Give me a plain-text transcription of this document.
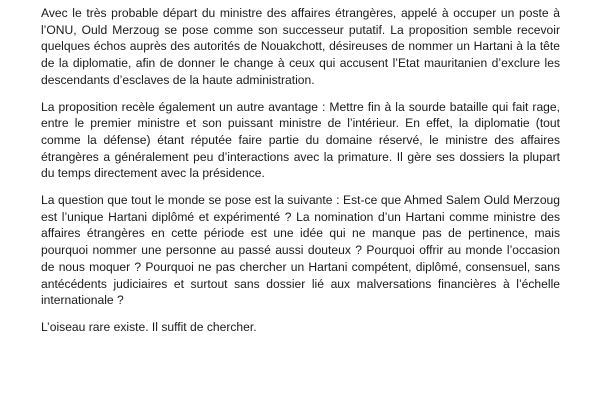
Avec le très probable départ du ministre des affaires étrangères, appelé à occuper un poste à l’ONU, Ould Merzoug se pose comme son successeur putatif. La proposition semble recevoir quelques échos auprès des autorités de Nouakchott, désireuses de nommer un Hartani à la tête de la diplomatie, afin de donner le change à ceux qui accusent l’Etat mauritanien d’exclure les descendants d’esclaves de la haute administration.

La proposition recèle également un autre avantage : Mettre fin à la sourde bataille qui fait rage, entre le premier ministre et son puissant ministre de l’intérieur. En effet, la diplomatie (tout comme la défense) étant réputée faire partie du domaine réservé, le ministre des affaires étrangères a généralement peu d’interactions avec la primature. Il gère ses dossiers la plupart du temps directement avec la présidence.

La question que tout le monde se pose est la suivante : Est-ce que Ahmed Salem Ould Merzoug est l’unique Hartani diplômé et expérimenté ? La nomination d’un Hartani comme ministre des affaires étrangères en cette période est une idée qui ne manque pas de pertinence, mais pourquoi nommer une personne au passé aussi douteux ? Pourquoi offrir au monde l’occasion de nous moquer ? Pourquoi ne pas chercher un Hartani compétent, diplômé, consensuel, sans antécédents judiciaires et surtout sans dossier lié aux malversations financières à l’échelle internationale ?

L’oiseau rare existe. Il suffit de chercher.
